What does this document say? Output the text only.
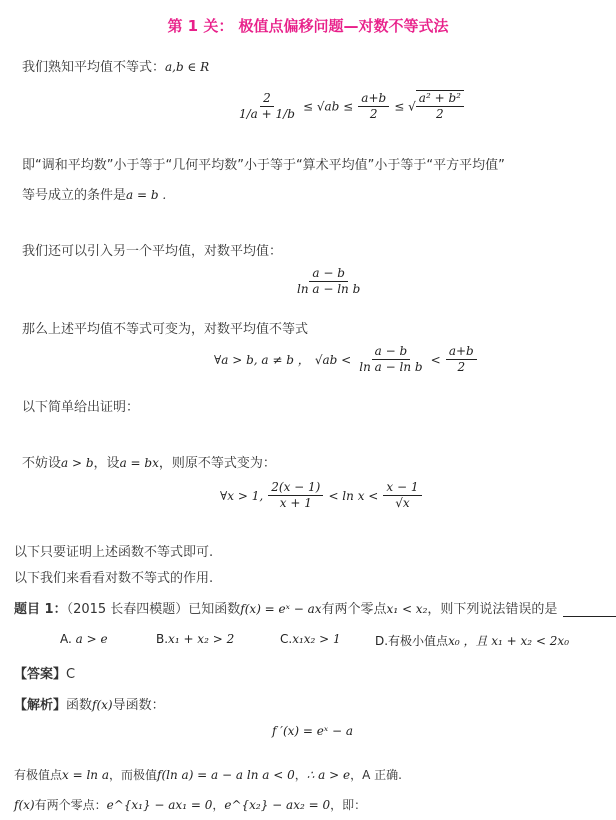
第 1 关： 极值点偏移问题—对数不等式法
我们熟知平均值不等式：a,b ∈ R
$\frac{2}{1/a + 1/b} \le √ab \le \frac{a+b}{2}$ ≤ √ $\frac{\text{a² + b²}}{2}$
即“调和平均数”小于等于“几何平均数”小于等于“算术平均值”小于等于“平方平均值”
等号成立的条件是a = b .
我们还可以引入另一个平均值，对数平均值：
$\frac{a - b}{\text{ln a − ln b}}$
那么上述平均值不等式可变为，对数平均值不等式
∀a > b, a ≠ b ， $√ab < \frac{a - b}{\text{ln a − ln b}} < \frac{a+b}{2}$
以下简单给出证明：
不妨设a > b，设a = bx，则原不等式变为：
∀x > 1, $\frac{2(x - 1)}{x + 1} < \ln x < \frac{x - 1}{√x}$
以下只要证明上述函数不等式即可.
以下我们来看看对数不等式的作用.
题目 1：（2015 长春四模题）已知函数f(x) = eˣ − ax有两个零点x₁ < x₂，则下列说法错误的是
A. a > e	B.x₁ + x₂ > 2	C.x₁x₂ > 1	D.有极小值点x₀ ，且 x₁ + x₂ < 2x₀
【答案】C
【解析】函数f(x)导函数：
f ′(x) = eˣ − a
有极值点x = ln a，而极值f(ln a) = a − a ln a < 0，∴ a > e，A 正确.
f(x)有两个零点：e^{x₁} − ax₁ = 0，e^{x₂} − ax₂ = 0，即：
